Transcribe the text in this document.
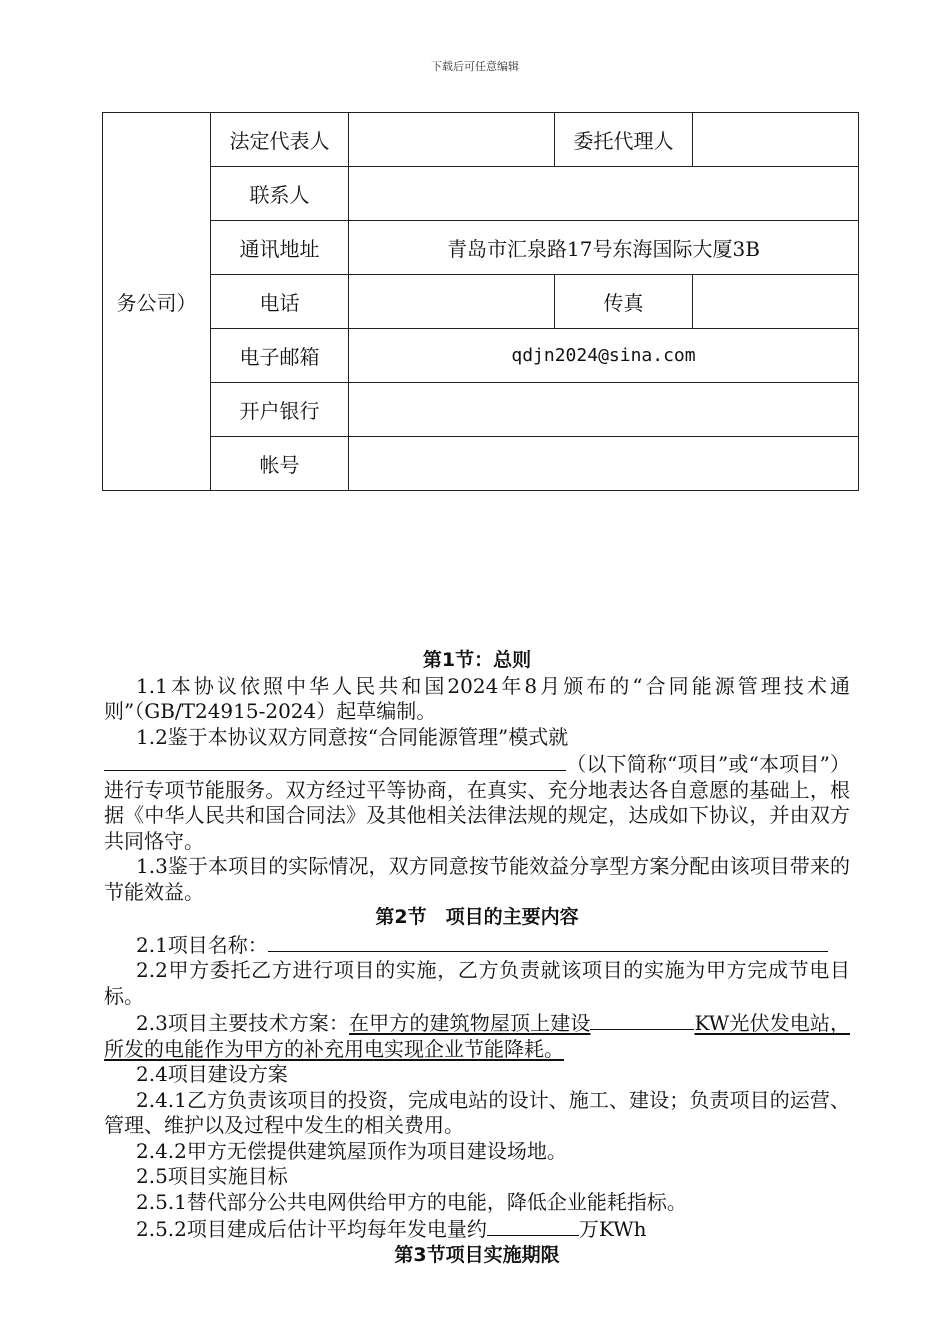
下载后可任意编辑
务公司）	法定代表人		委托代理人	
	联系人			
	通讯地址	青岛市汇泉路17号东海国际大厦3B		
	电话		传真	
	电子邮箱	qdjn2024@sina.com		
	开户银行			
	帐号			

第1节：总则

1.1本协议依照中华人民共和国2024年8月颁布的“合同能源管理技术通则”（GB/T24915-2024）起草编制。

1.2鉴于本协议双方同意按“合同能源管理”模式就

（以下简称“项目”或“本项目”）进行专项节能服务。双方经过平等协商，在真实、充分地表达各自意愿的基础上，根据《中华人民共和国合同法》及其他相关法律法规的规定，达成如下协议，并由双方共同恪守。

1.3鉴于本项目的实际情况，双方同意按节能效益分享型方案分配由该项目带来的节能效益。

第2节　项目的主要内容

2.1项目名称：

2.2甲方委托乙方进行项目的实施，乙方负责就该项目的实施为甲方完成节电目标。

2.3项目主要技术方案：在甲方的建筑物屋顶上建设	KW光伏发电站，所发的电能作为甲方的补充用电实现企业节能降耗。

2.4项目建设方案

2.4.1乙方负责该项目的投资，完成电站的设计、施工、建设；负责项目的运营、管理、维护以及过程中发生的相关费用。

2.4.2甲方无偿提供建筑屋顶作为项目建设场地。

2.5项目实施目标

2.5.1替代部分公共电网供给甲方的电能，降低企业能耗指标。

2.5.2项目建成后估计平均每年发电量约	万KWh

第3节项目实施期限
